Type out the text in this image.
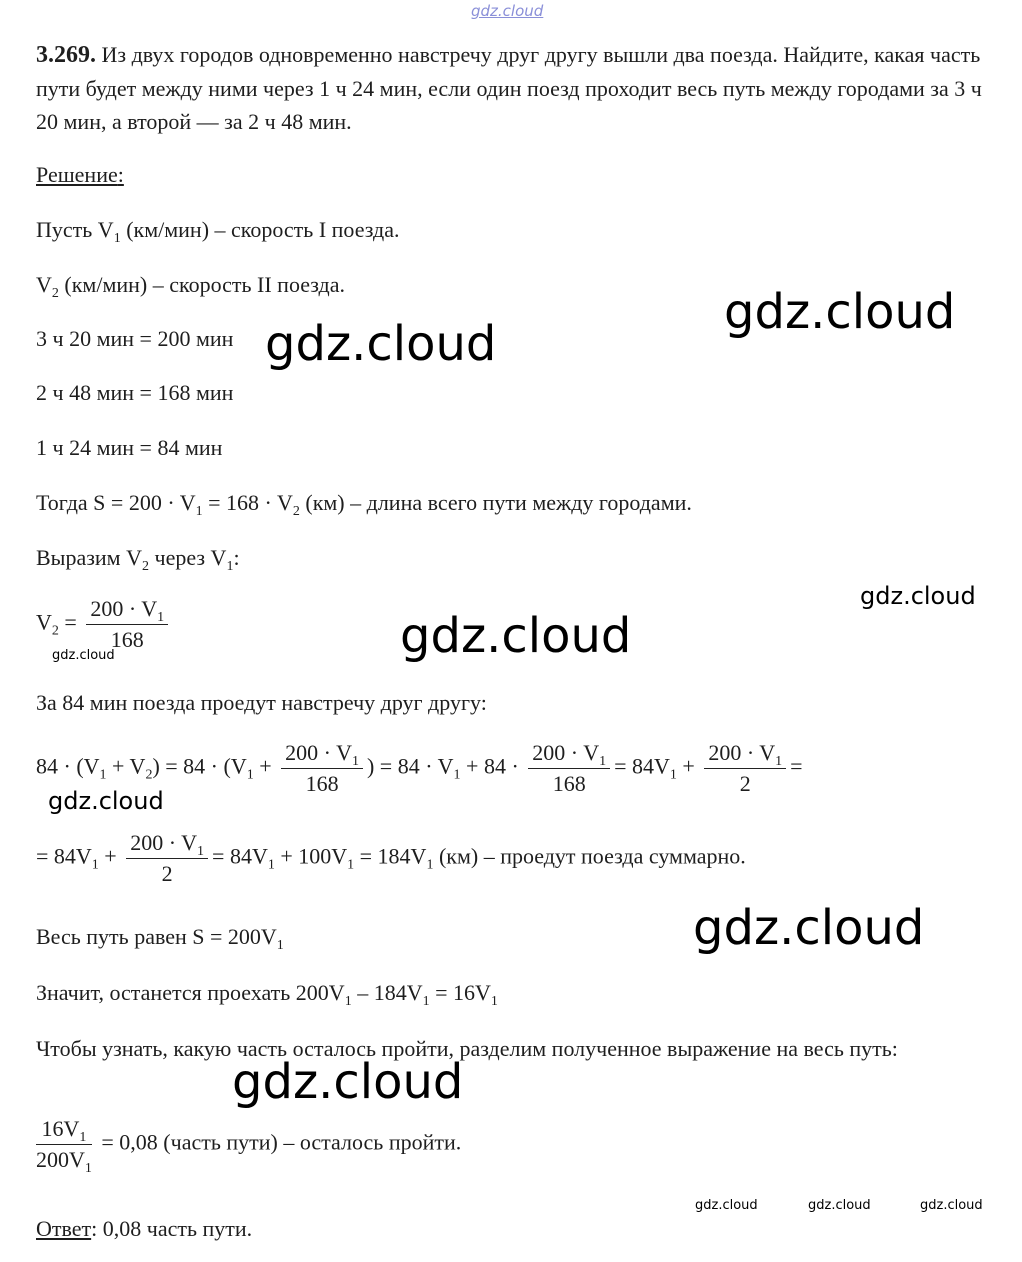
gdz.cloud
gdz.cloud
gdz.cloud
gdz.cloud
gdz.cloud
gdz.cloud
gdz.cloud
gdz.cloud
gdz.cloud
gdz.cloud	gdz.cloud	gdz.cloud
3.269. Из двух городов одновременно навстречу друг другу вышли два поезда. Найдите, какая часть пути будет между ними через 1 ч 24 мин, если один поезд проходит весь путь между городами за 3 ч 20 мин, а второй — за 2 ч 48 мин.
Решение:
Пусть $V_1$ (км/мин) – скорость I поезда.
$V_2$ (км/мин) – скорость II поезда.
3 ч 20 мин = 200 мин
2 ч 48 мин = 168 мин
1 ч 24 мин = 84 мин
Тогда $S = 200 \cdot V_1 = 168 \cdot V_2$ (км) – длина всего пути между городами.
Выразим $V_2$ через $V_1$:
$V_2 = \frac{200 \cdot V_1}{168}$
За 84 мин поезда проедут навстречу друг другу:
$84 \cdot (V_1 + V_2) = 84 \cdot (V_1 + \frac{200 \cdot V_1}{168}$ ) = $84 \cdot V_1 + 84 \cdot \frac{200 \cdot V_1}{168} = 84V_1 + \frac{200 \cdot V_1}{2}$ =
= $84V_1 + \frac{200 \cdot V_1}{2} = 84V_1 + 100V_1 = 184V_1$ (км) – проедут поезда суммарно.
Весь путь равен $S = 200V_1$
Значит, останется проехать $200V_1 - 184V_1 = 16V_1$
Чтобы узнать, какую часть осталось пройти, разделим полученное выражение на весь путь:
$\frac{16V_1}{200V_1} = 0,08$ (часть пути) – осталось пройти.
Ответ: 0,08 часть пути.
